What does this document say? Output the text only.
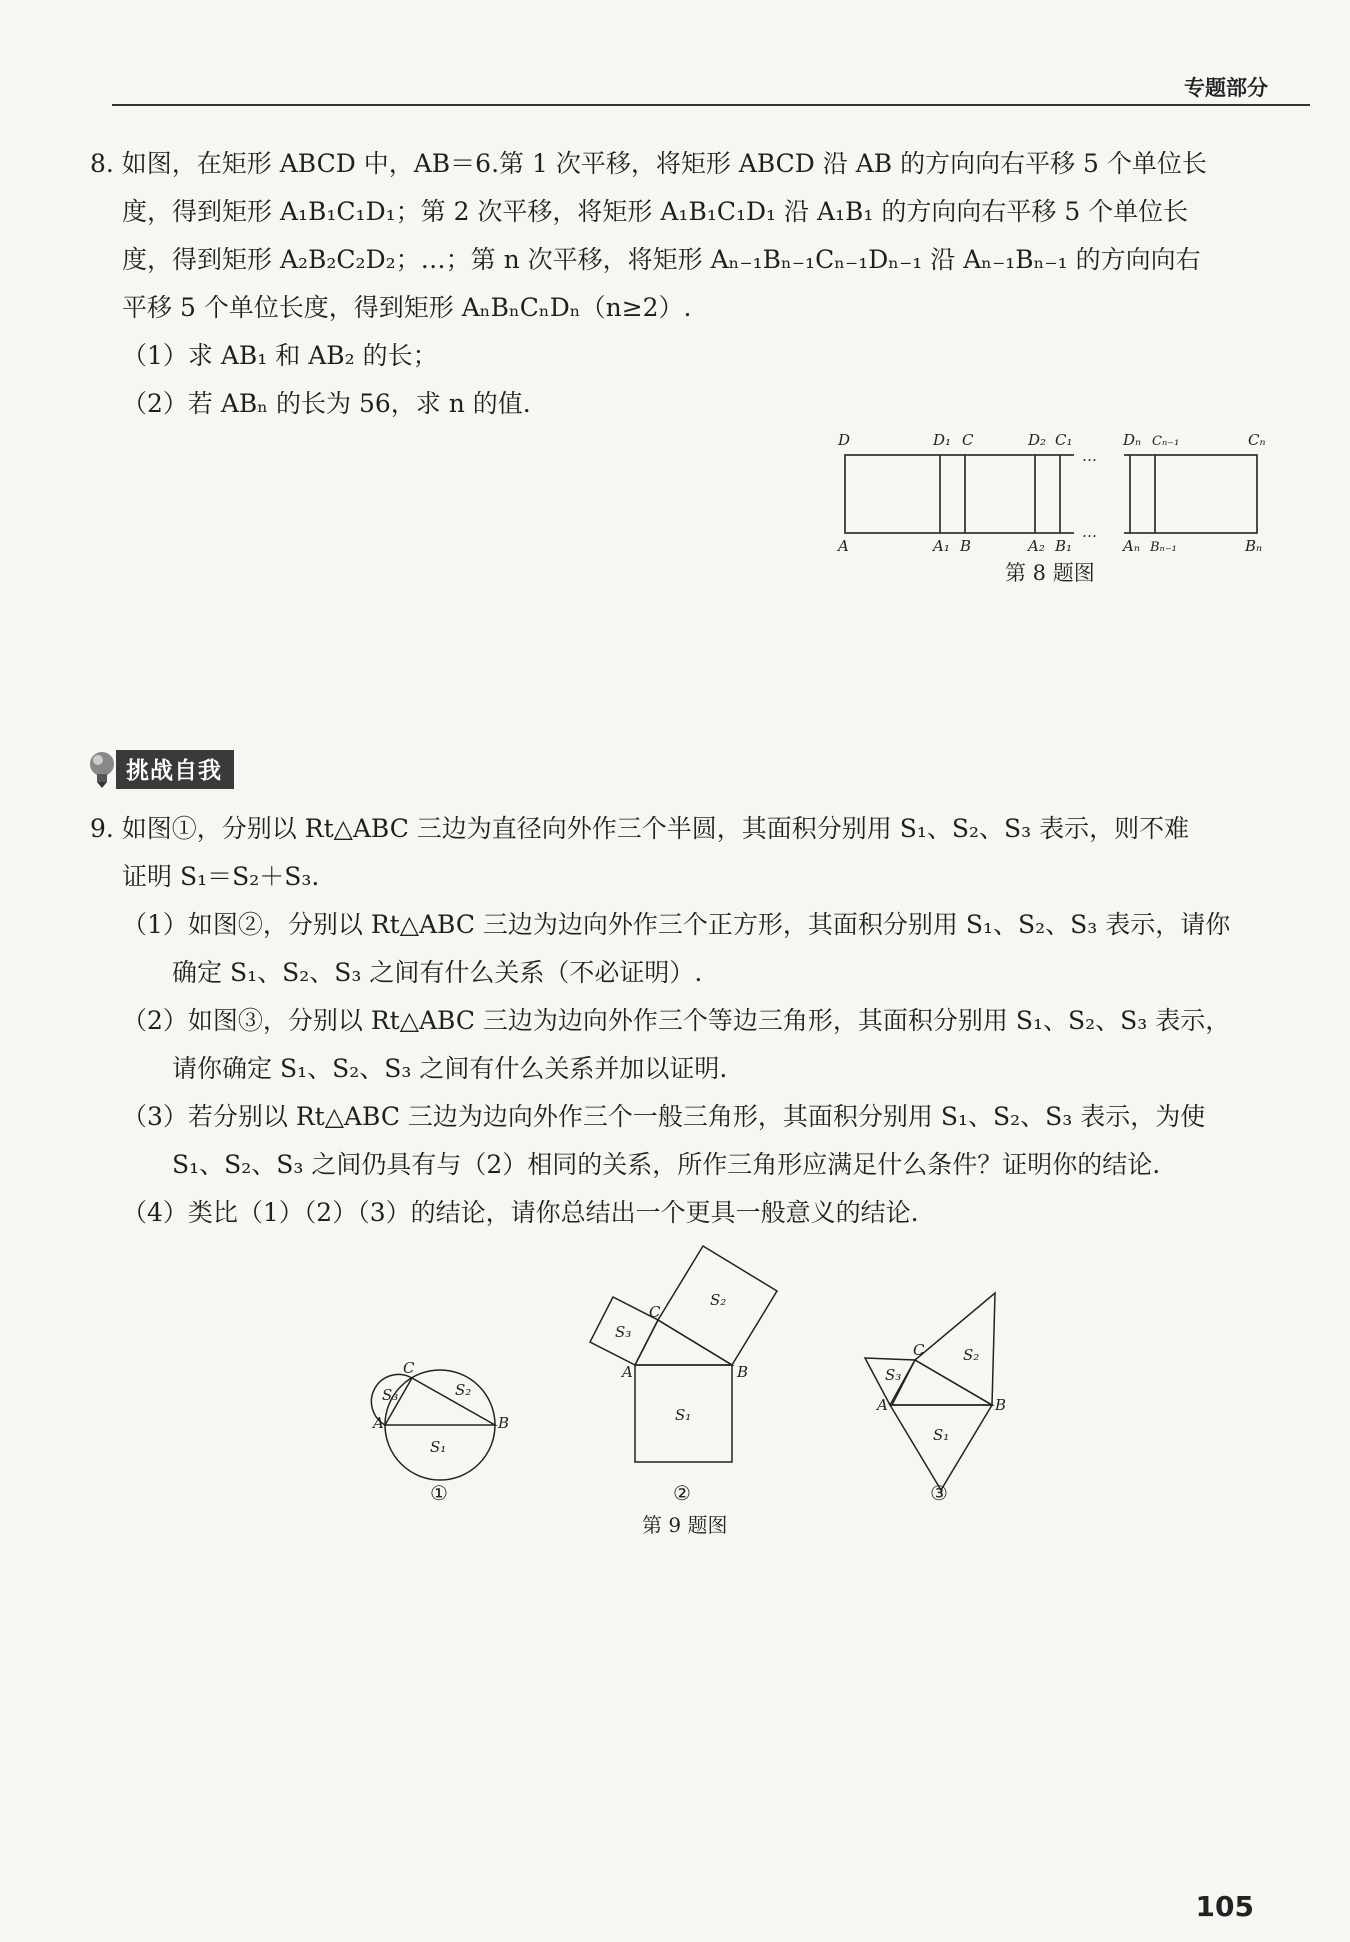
专题部分

8. 如图，在矩形 ABCD 中，AB＝6.第 1 次平移，将矩形 ABCD 沿 AB 的方向向右平移 5 个单位长

度，得到矩形 A₁B₁C₁D₁；第 2 次平移，将矩形 A₁B₁C₁D₁ 沿 A₁B₁ 的方向向右平移 5 个单位长

度，得到矩形 A₂B₂C₂D₂；…；第 n 次平移，将矩形 Aₙ₋₁Bₙ₋₁Cₙ₋₁Dₙ₋₁ 沿 Aₙ₋₁Bₙ₋₁ 的方向向右

平移 5 个单位长度，得到矩形 AₙBₙCₙDₙ（n≥2）.

（1）求 AB₁ 和 AB₂ 的长；

（2）若 ABₙ 的长为 56，求 n 的值.

D	D₁ C	D₂ C₁
…
Dₙ Cₙ₋₁	Cₙ
A	A₁ B	A₂ B₁
…
Aₙ Bₙ₋₁	Bₙ
第 8 题图
挑战自我

9. 如图①，分别以 Rt△ABC 三边为直径向外作三个半圆，其面积分别用 S₁、S₂、S₃ 表示，则不难

证明 S₁＝S₂＋S₃.

（1）如图②，分别以 Rt△ABC 三边为边向外作三个正方形，其面积分别用 S₁、S₂、S₃ 表示，请你

确定 S₁、S₂、S₃ 之间有什么关系（不必证明）.

（2）如图③，分别以 Rt△ABC 三边为边向外作三个等边三角形，其面积分别用 S₁、S₂、S₃ 表示，

请你确定 S₁、S₂、S₃ 之间有什么关系并加以证明.

（3）若分别以 Rt△ABC 三边为边向外作三个一般三角形，其面积分别用 S₁、S₂、S₃ 表示，为使

S₁、S₂、S₃ 之间仍具有与（2）相同的关系，所作三角形应满足什么条件？证明你的结论.

（4）类比（1）（2）（3）的结论，请你总结出一个更具一般意义的结论.

A	B
C
S₁
S₂
S₃
A	B
C
S₁
S₂
S₃
A	B
C
S₁
S₂
S₃
①	②	③
第 9 题图
105
